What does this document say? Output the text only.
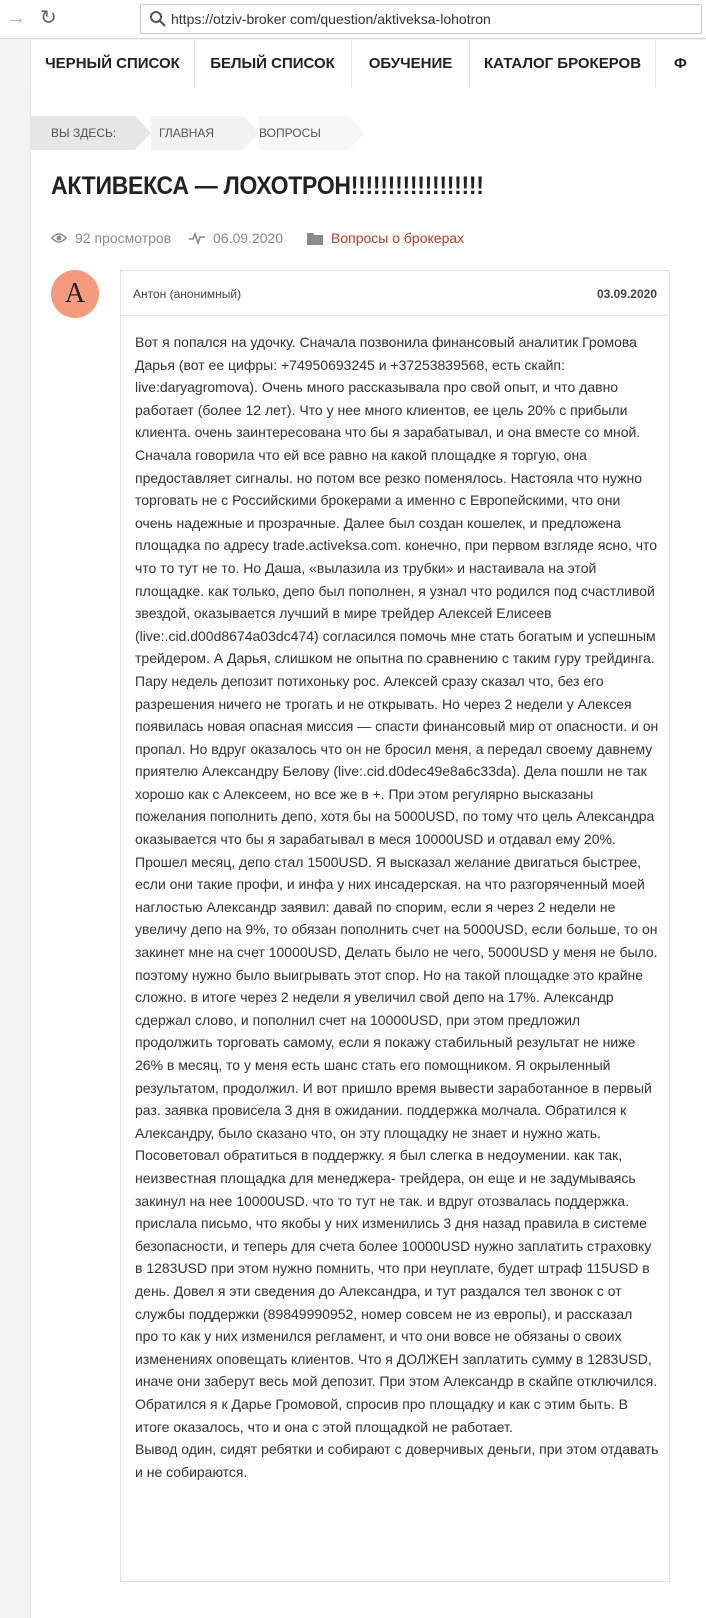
→ ↻	https://otziv-broker com/question/aktiveksa-lohotron
ЧЕРНЫЙ СПИСОК	БЕЛЫЙ СПИСОК	ОБУЧЕНИЕ	КАТАЛОГ БРОКЕРОВ	Ф
ВЫ ЗДЕСЬ:	ГЛАВНАЯ	ВОПРОСЫ
АКТИВЕКСА — ЛОХОТРОН!!!!!!!!!!!!!!!!!!
92 просмотров	06.09.2020	Вопросы о брокерах
A	Антон (анонимный)	03.09.2020

Вот я попался на удочку. Сначала позвонила финансовый аналитик Громова Дарья (вот ее цифры: +74950693245 и +37253839568, есть скайп: live:daryagromova). Очень много рассказывала про свой опыт, и что давно работает (более 12 лет). Что у нее много клиентов, ее цель 20% с прибыли клиента. очень заинтересована что бы я зарабатывал, и она вместе со мной. Сначала говорила что ей все равно на какой площадке я торгую, она предоставляет сигналы. но потом все резко поменялось. Настояла что нужно торговать не с Российскими брокерами а именно с Европейскими, что они очень надежные и прозрачные. Далее был создан кошелек, и предложена площадка по адресу trade.activeksa.com. конечно, при первом взгляде ясно, что что то тут не то. Но Даша, «вылазила из трубки» и настаивала на этой площадке. как только, депо был пополнен, я узнал что родился под счастливой звездой, оказывается лучший в мире трейдер Алексей Елисеев (live:.cid.d00d8674a03dc474) согласился помочь мне стать богатым и успешным трейдером. А Дарья, слишком не опытна по сравнению с таким гуру трейдинга. Пару недель депозит потихоньку рос. Алексей сразу сказал что, без его разрешения ничего не трогать и не открывать. Но через 2 недели у Алексея появилась новая опасная миссия — спасти финансовый мир от опасности. и он пропал. Но вдруг оказалось что он не бросил меня, а передал своему давнему приятелю Александру Белову (live:.cid.d0dec49e8a6c33da). Дела пошли не так хорошо как с Алексеем, но все же в +. При этом регулярно высказаны пожелания пополнить депо, хотя бы на 5000USD, по тому что цель Александра оказывается что бы я зарабатывал в меся 10000USD и отдавал ему 20%. Прошел месяц, депо стал 1500USD. Я высказал желание двигаться быстрее, если они такие профи, и инфа у них инсадерская. на что разгоряченный моей наглостью Александр заявил: давай по спорим, если я через 2 недели не увеличу депо на 9%, то обязан пополнить счет на 5000USD, если больше, то он закинет мне на счет 10000USD, Делать было не чего, 5000USD у меня не было. поэтому нужно было выигрывать этот спор. Но на такой площадке это крайне сложно. в итоге через 2 недели я увеличил свой депо на 17%. Александр сдержал слово, и пополнил счет на 10000USD, при этом предложил продолжить торговать самому, если я покажу стабильный результат не ниже 26% в месяц, то у меня есть шанс стать его помощником. Я окрыленный результатом, продолжил. И вот пришло время вывести заработанное в первый раз. заявка провисела 3 дня в ожидании. поддержка молчала. Обратился к Александру, было сказано что, он эту площадку не знает и нужно жать. Посоветовал обратиться в поддержку. я был слегка в недоумении. как так, неизвестная площадка для менеджера- трейдера, он еще и не задумываясь закинул на нее 10000USD. что то тут не так. и вдруг отозвалась поддержка. прислала письмо, что якобы у них изменились 3 дня назад правила в системе безопасности, и теперь для счета более 10000USD нужно заплатить страховку в 1283USD при этом нужно помнить, что при неуплате, будет штраф 115USD в день. Довел я эти сведения до Александра, и тут раздался тел звонок с от службы поддержки (89849990952, номер совсем не из европы), и рассказал про то как у них изменился регламент, и что они вовсе не обязаны о своих изменениях оповещать клиентов. Что я ДОЛЖЕН заплатить сумму в 1283USD, иначе они заберут весь мой депозит. При этом Александр в скайпе отключился.

Обратился я к Дарье Громовой, спросив про площадку и как с этим быть. В итоге оказалось, что и она с этой площадкой не работает.

Вывод один, сидят ребятки и собирают с доверчивых деньги, при этом отдавать и не собираются.
